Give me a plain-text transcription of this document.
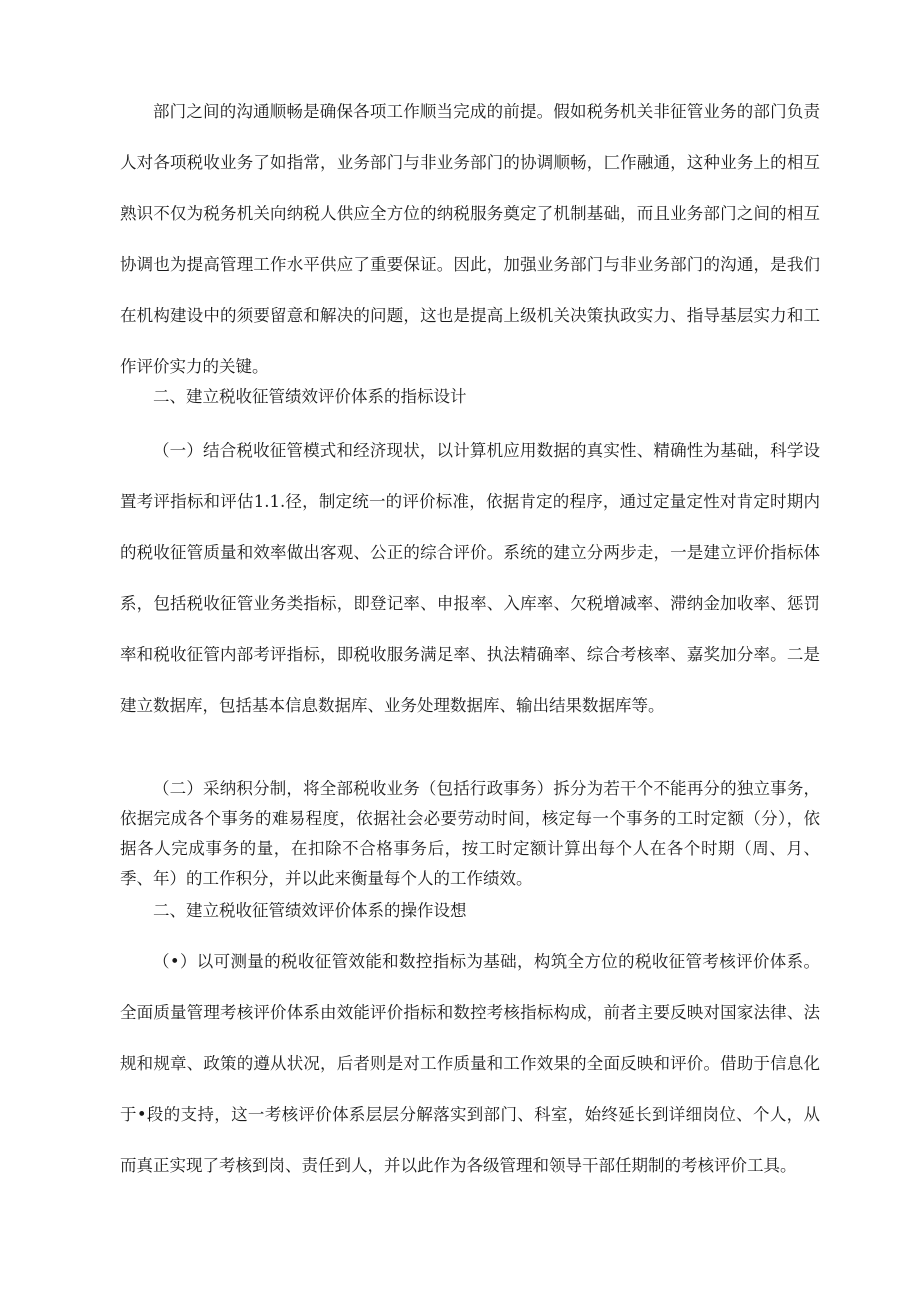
部门之间的沟通顺畅是确保各项工作顺当完成的前提。假如税务机关非征管业务的部门负责人对各项税收业务了如指常，业务部门与非业务部门的协调顺畅，匚作融通，这种业务上的相互熟识不仅为税务机关向纳税人供应全方位的纳税服务奠定了机制基础，而且业务部门之间的相互协调也为提高管理工作水平供应了重要保证。因此，加强业务部门与非业务部门的沟通，是我们在机构建设中的须要留意和解决的问题，这也是提高上级机关决策执政实力、指导基层实力和工作评价实力的关键。

二、建立税收征管绩效评价体系的指标设计

（一）结合税收征管模式和经济现状，以计算机应用数据的真实性、精确性为基础，科学设置考评指标和评估1.1.径，制定统一的评价标准，依据肯定的程序，通过定量定性对肯定时期内的税收征管质量和效率做出客观、公正的综合评价。系统的建立分两步走，一是建立评价指标体系，包括税收征管业务类指标，即登记率、申报率、入库率、欠税增减率、滞纳金加收率、惩罚率和税收征管内部考评指标，即税收服务满足率、执法精确率、综合考核率、嘉奖加分率。二是建立数据库，包括基本信息数据库、业务处理数据库、输出结果数据库等。

（二）采纳积分制，将全部税收业务（包括行政事务）拆分为若干个不能再分的独立事务，依据完成各个事务的难易程度，依据社会必要劳动时间，核定每一个事务的工时定额（分），依据各人完成事务的量，在扣除不合格事务后，按工时定额计算出每个人在各个时期（周、月、季、年）的工作积分，并以此来衡量每个人的工作绩效。

二、建立税收征管绩效评价体系的操作设想

（•）以可测量的税收征管效能和数控指标为基础，构筑全方位的税收征管考核评价体系。全面质量管理考核评价体系由效能评价指标和数控考核指标构成，前者主要反映对国家法律、法规和规章、政策的遵从状况，后者则是对工作质量和工作效果的全面反映和评价。借助于信息化于•段的支持，这一考核评价体系层层分解落实到部门、科室，始终延长到详细岗位、个人，从而真正实现了考核到岗、责任到人，并以此作为各级管理和领导干部任期制的考核评价工具。
